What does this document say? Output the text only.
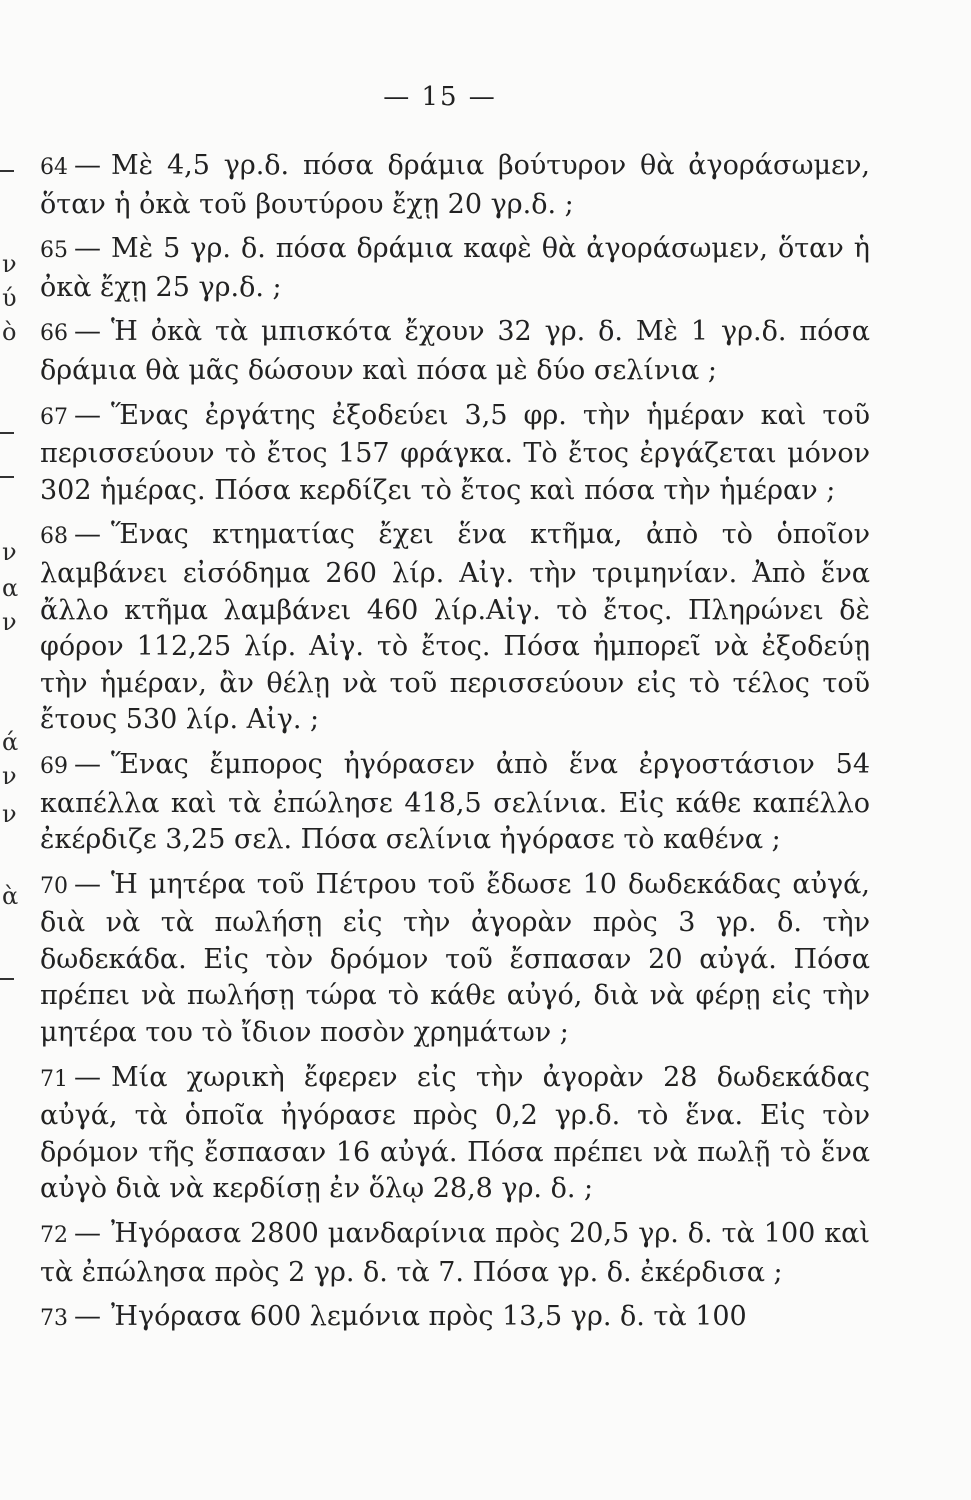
ν
ύ
ὸ
ν
α
ν
ν
ά
ν
ὰ
— 15 —

64 — Μὲ 4,5 γρ.δ. πόσα δράμια βούτυρον θὰ ἀγοράσωμεν, ὅταν ἡ ὀκὰ τοῦ βουτύρου ἔχῃ 20 γρ.δ. ;

65 — Μὲ 5 γρ. δ. πόσα δράμια καφὲ θὰ ἀγοράσωμεν, ὅταν ἡ ὀκὰ ἔχῃ 25 γρ.δ. ;

66 — Ἡ ὀκὰ τὰ μπισκότα ἔχουν 32 γρ. δ. Μὲ 1 γρ.δ. πόσα δράμια θὰ μᾶς δώσουν καὶ πόσα μὲ δύο σελίνια ;

67 — Ἕνας ἐργάτης ἐξοδεύει 3,5 φρ. τὴν ἡμέραν καὶ τοῦ περισσεύουν τὸ ἔτος 157 φράγκα. Τὸ ἔτος ἐργάζεται μόνον 302 ἡμέρας. Πόσα κερδίζει τὸ ἔτος καὶ πόσα τὴν ἡμέραν ;

68 — Ἕνας κτηματίας ἔχει ἕνα κτῆμα, ἀπὸ τὸ ὁποῖον λαμβάνει εἰσόδημα 260 λίρ. Αἰγ. τὴν τριμηνίαν. Ἀπὸ ἕνα ἄλλο κτῆμα λαμβάνει 460 λίρ.Αἰγ. τὸ ἔτος. Πληρώνει δὲ φόρον 112,25 λίρ. Αἰγ. τὸ ἔτος. Πόσα ἠμπορεῖ νὰ ἐξοδεύῃ τὴν ἡμέραν, ἂν θέλῃ νὰ τοῦ περισσεύουν εἰς τὸ τέλος τοῦ ἔτους 530 λίρ. Αἰγ. ;

69 — Ἕνας ἔμπορος ἠγόρασεν ἀπὸ ἕνα ἐργοστάσιον 54 καπέλλα καὶ τὰ ἐπώλησε 418,5 σελίνια. Εἰς κάθε καπέλλο ἐκέρδιζε 3,25 σελ. Πόσα σελίνια ἠγόρασε τὸ καθένα ;

70 — Ἡ μητέρα τοῦ Πέτρου τοῦ ἔδωσε 10 δωδεκάδας αὐγά, διὰ νὰ τὰ πωλήσῃ εἰς τὴν ἀγορὰν πρὸς 3 γρ. δ. τὴν δωδεκάδα. Εἰς τὸν δρόμον τοῦ ἔσπασαν 20 αὐγά. Πόσα πρέπει νὰ πωλήσῃ τώρα τὸ κάθε αὐγό, διὰ νὰ φέρῃ εἰς τὴν μητέρα του τὸ ἴδιον ποσὸν χρημάτων ;

71 — Μία χωρικὴ ἔφερεν εἰς τὴν ἀγορὰν 28 δωδεκάδας αὐγά, τὰ ὁποῖα ἠγόρασε πρὸς 0,2 γρ.δ. τὸ ἕνα. Εἰς τὸν δρόμον τῆς ἔσπασαν 16 αὐγά. Πόσα πρέπει νὰ πωλῇ τὸ ἕνα αὐγὸ διὰ νὰ κερδίσῃ ἐν ὅλῳ 28,8 γρ. δ. ;

72 — Ἠγόρασα 2800 μανδαρίνια πρὸς 20,5 γρ. δ. τὰ 100 καὶ τὰ ἐπώλησα πρὸς 2 γρ. δ. τὰ 7. Πόσα γρ. δ. ἐκέρδισα ;

73 — Ἠγόρασα 600 λεμόνια πρὸς 13,5 γρ. δ. τὰ 100
